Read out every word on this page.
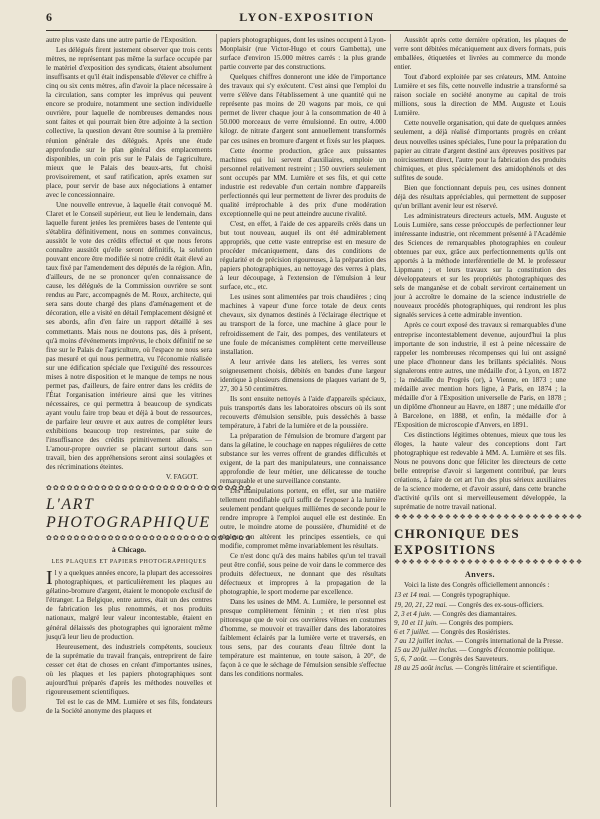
6	LYON-EXPOSITION

autre plus vaste dans une autre partie de l'Exposition.

Les délégués firent justement observer que trois cents mètres, ne représentant pas même la surface occupée par le matériel d'exposition des syndicats, étaient absolument insuffisants et qu'il était indispensable d'élever ce chiffre à cinq ou six cents mètres, afin d'avoir la place nécessaire à la circulation, sans compter les imprévus qui peuvent encore se produire, notamment une section individuelle ouvrière, pour laquelle de nombreuses demandes nous sont faites et qui pourrait bien être adjointe à la section collective, la question devant être soumise à la première réunion générale des délégués. Après une étude approfondie sur le plan général des emplacements disponibles, un coin pris sur le Palais de l'agriculture, mieux que le Palais des beaux-arts, fut choisi provisoirement, et sauf ratification, après examen sur place, pour servir de base aux négociations à entamer avec le concessionnaire.

Une nouvelle entrevue, à laquelle était convoqué M. Claret et le Conseil supérieur, eut lieu le lendemain, dans laquelle furent jetées les premières bases de l'entente qui s'établira définitivement, nous en sommes convaincus, aussitôt le vote des crédits effectué et que nous ferons connaître aussitôt qu'elle seront définitifs, la solution pouvant encore être modifiée si notre crédit était élevé au taux fixé par l'amendement des députés de la région. Afin, d'ailleurs, de ne se prononcer qu'en connaissance de cause, les délégués de la Commission ouvrière se sont rendus au Parc, accompagnés de M. Roux, architecte, qui sera sans doute chargé des plans d'aménagement et de décoration, elle a visité en détail l'emplacement désigné et ses abords, afin d'en faire un rapport détaillé à ses commettants. Mais nous ne doutons pas, dès à présent, qu'à moins d'événements imprévus, le choix définitif ne se fixe sur le Palais de l'agriculture, où l'espace ne nous sera pas mesuré et qui nous permettra, vu l'économie réalisée sur une édification spéciale que l'exiguïté des ressources mises à notre disposition et le manque de temps ne nous permet pas, d'ailleurs, de faire entrer dans les crédits de l'État l'organisation intérieure ainsi que les vitrines nécessaires, ce qui permettra à beaucoup de syndicats ayant voulu faire trop beau et déjà à bout de ressources, de parfaire leur œuvre et aux autres de compléter leurs exhibitions beaucoup trop restreintes, par suite de l'insuffisance des crédits primitivement alloués. — L'amour-propre ouvrier se placant surtout dans son travail, bien des appréhensions seront ainsi soulagées et des récriminations éteintes.

V. FAGOT.
✿✿✿✿✿✿✿✿✿✿✿✿✿✿✿✿✿✿✿✿✿✿✿✿✿✿✿✿✿✿
L'ART PHOTOGRAPHIQUE
✿✿✿✿✿✿✿✿✿✿✿✿✿✿✿✿✿✿✿✿✿✿✿✿✿✿✿✿✿✿
à Chicago.
LES PLAQUES ET PAPIERS PHOTOGRAPHIQUES

Il y a quelques années encore, la plupart des accessoires photographiques, et particulièrement les plaques au gélatino-bromure d'argent, étaient le monopole exclusif de l'étranger. La Belgique, entre autres, était un des centres de fabrication les plus renommés, et nos produits nationaux, malgré leur valeur incontestable, étaient en général délaissés des photographes qui ignoraient même jusqu'à leur lieu de production.

Heureusement, des industriels compétents, soucieux de la suprématie du travail français, entreprirent de faire cesser cet état de choses en créant d'importantes usines, où les plaques et les papiers photographiques sont aujourd'hui préparés d'après les méthodes nouvelles et rigoureusement scientifiques.

Tel est le cas de MM. Lumière et ses fils, fondateurs de la Société anonyme des plaques et

papiers photographiques, dont les usines occupent à Lyon-Monplaisir (rue Victor-Hugo et cours Gambetta), une surface d'environ 15.000 mètres carrés : la plus grande partie couverte par des constructions.

Quelques chiffres donneront une idée de l'importance des travaux qui s'y exécutent. C'est ainsi que l'emploi du verre s'élève dans l'établissement à une quantité qui ne représente pas moins de 20 wagons par mois, ce qui permet de livrer chaque jour à la consommation de 40 à 50.000 morceaux de verre émulsionné. En outre, 4.000 kilogr. de nitrate d'argent sont annuellement transformés par ces usines en bromure d'argent et fixés sur les plaques.

Cette énorme production, grâce aux puissantes machines qui lui servent d'auxiliaires, emploie un personnel relativement restreint ; 150 ouvriers seulement sont occupés par MM. Lumière et ses fils, et qui cette industrie est redevable d'un certain nombre d'appareils perfectionnés qui leur permettent de livrer des produits de qualité irréprochable à des prix d'une modération exceptionnelle qui ne peut atteindre aucune rivalité.

C'est, en effet, à l'aide de ces appareils créés dans un but tout nouveau, auquel ils ont été admirablement appropriés, que cette vaste entreprise est en mesure de procéder mécaniquement, dans des conditions de régularité et de précision rigoureuses, à la préparation des papiers photographiques, au nettoyage des verres à plats, à leur découpage, à l'extension de l'émulsion à leur surface, etc., etc.

Les usines sont alimentées par trois chaudières ; cinq machines à vapeur d'une force totale de deux cents chevaux, six dynamos destinés à l'éclairage électrique et au transport de la force, une machine à glace pour le refroidissement de l'air, des pompes, des ventilateurs et une foule de mécanismes complètent cette merveilleuse installation.

A leur arrivée dans les ateliers, les verres sont soigneusement choisis, débités en bandes d'une largeur identique à plusieurs dimensions de plaques variant de 9, 27, 30 à 50 centimètres.

Ils sont ensuite nettoyés à l'aide d'appareils spéciaux, puis transportés dans les laboratoires obscurs où ils sont recouverts d'émulsion sensible, puis desséchés à basse température, à l'abri de la lumière et de la poussière.

La préparation de l'émulsion de bromure d'argent par dans la gélatine, le couchage en nappes régulières de cette substance sur les verres offrent de grandes difficultés et exigent, de la part des manipulateurs, une connaissance approfondie de leur métier, une délicatesse de touche remarquable et une surveillance constante.

Les manipulations portent, en effet, sur une matière tellement modifiable qu'il suffit de l'exposer à la lumière seulement pendant quelques millièmes de seconde pour le rendre impropre à l'emploi auquel elle est destinée. En outre, le moindre atome de poussière, d'humidité et de chaleur, en altèrent les principes essentiels, ce qui modifie, compromet même invariablement les résultats.

Ce n'est donc qu'à des mains habiles qu'un tel travail peut être confié, sous peine de voir dans le commerce des produits défectueux, ne donnant que des résultats défectueux et impropres à la propagation de la photographie, le sport moderne par excellence.

Dans les usines de MM. A. Lumière, le personnel est presque complètement féminin ; et rien n'est plus pittoresque que de voir ces ouvrières vêtues en costumes d'homme, se mouvoir et travailler dans des laboratoires faiblement éclairés par la lumière verte et traversés, en tous sens, par des courants d'eau filtrée dont la température est maintenue, en toute saison, à 20°, de façon à ce que le séchage de l'émulsion sensible s'effectue dans les conditions normales.

Aussitôt après cette dernière opération, les plaques de verre sont débitées mécaniquement aux divers formats, puis emballées, étiquetées et livrées au commerce du monde entier.

Tout d'abord exploitée par ses créateurs, MM. Antoine Lumière et ses fils, cette nouvelle industrie a transformé sa raison sociale en société anonyme au capital de trois millions, sous la direction de MM. Auguste et Louis Lumière.

Cette nouvelle organisation, qui date de quelques années seulement, a déjà réalisé d'importants progrès en créant deux nouvelles usines spéciales, l'une pour la préparation du papier au citrate d'argent destiné aux épreuves positives par noircissement direct, l'autre pour la fabrication des produits chimiques, et plus spécialement des amidophénols et des sulfites de soude.

Bien que fonctionnant depuis peu, ces usines donnent déjà des résultats appréciables, qui permettent de supposer qu'un brillant avenir leur est réservé.

Les administrateurs directeurs actuels, MM. Auguste et Louis Lumière, sans cesse préoccupés de perfectionner leur intéressante industrie, ont récemment présenté à l'Académie des Sciences de remarquables photographies en couleur obtenues par eux, grâce aux perfectionnements qu'ils ont apportés à la méthode interférentielle de M. le professeur Lippmann ; et leurs travaux sur la constitution des développateurs et sur les propriétés photographiques des sels de manganèse et de cobalt serviront certainement un jour à accroître le domaine de la science industrielle de nouveaux procédés photographiques, qui rendront les plus signalés services à cette admirable invention.

Après ce court exposé des travaux si remarquables d'une entreprise incontestablement devenue, aujourd'hui la plus importante de son industrie, il est à peine nécessaire de rappeler les nombreuses récompenses qui lui ont assigné une place d'honneur dans les brillants spécialités. Nous signalerons entre autres, une médaille d'or, à Lyon, en 1872 ; la médaille du Progrès (or), à Vienne, en 1873 ; une médaille avec mention hors ligne, à Paris, en 1874 ; la médaille d'or à l'Exposition universelle de Paris, en 1878 ; un diplôme d'honneur au Havre, en 1887 ; une médaille d'or à Barcelone, en 1888, et enfin, la médaille d'or à l'Exposition de microscopie d'Anvers, en 1891.

Ces distinctions légitimes obtenues, mieux que tous les éloges, la haute valeur des conceptions dont l'art photographique est redevable à MM. A. Lumière et ses fils. Nous ne pouvons donc que féliciter les directeurs de cette belle entreprise d'avoir si largement contribué, par leurs créations, à faire de cet art l'un des plus sérieux auxiliaires de la science moderne, et d'avoir assuré, dans cette branche d'activité qu'ils ont si merveilleusement développée, la suprématie de notre travail national.

❖❖❖❖❖❖❖❖❖❖❖❖❖❖❖❖❖❖❖❖❖❖❖❖❖❖
CHRONIQUE DES EXPOSITIONS
❖❖❖❖❖❖❖❖❖❖❖❖❖❖❖❖❖❖❖❖❖❖❖❖❖❖
Anvers.

Voici la liste des Congrès officiellement annoncés :

13 et 14 mai. — Congrès typographique.
19, 20, 21, 22 mai. — Congrès des ex-sous-officiers.
2, 3 et 4 juin. — Congrès des diamantaires.
9, 10 et 11 juin. — Congrès des pompiers.
6 et 7 juillet. — Congrès des Rosiéristes.
7 au 12 juillet inclus. — Congrès international de la Presse.
15 au 20 juillet inclus. — Congrès d'économie politique.
5, 6, 7 août. — Congrès des Sauveteurs.
18 au 25 août inclus. — Congrès littéraire et scientifique.
